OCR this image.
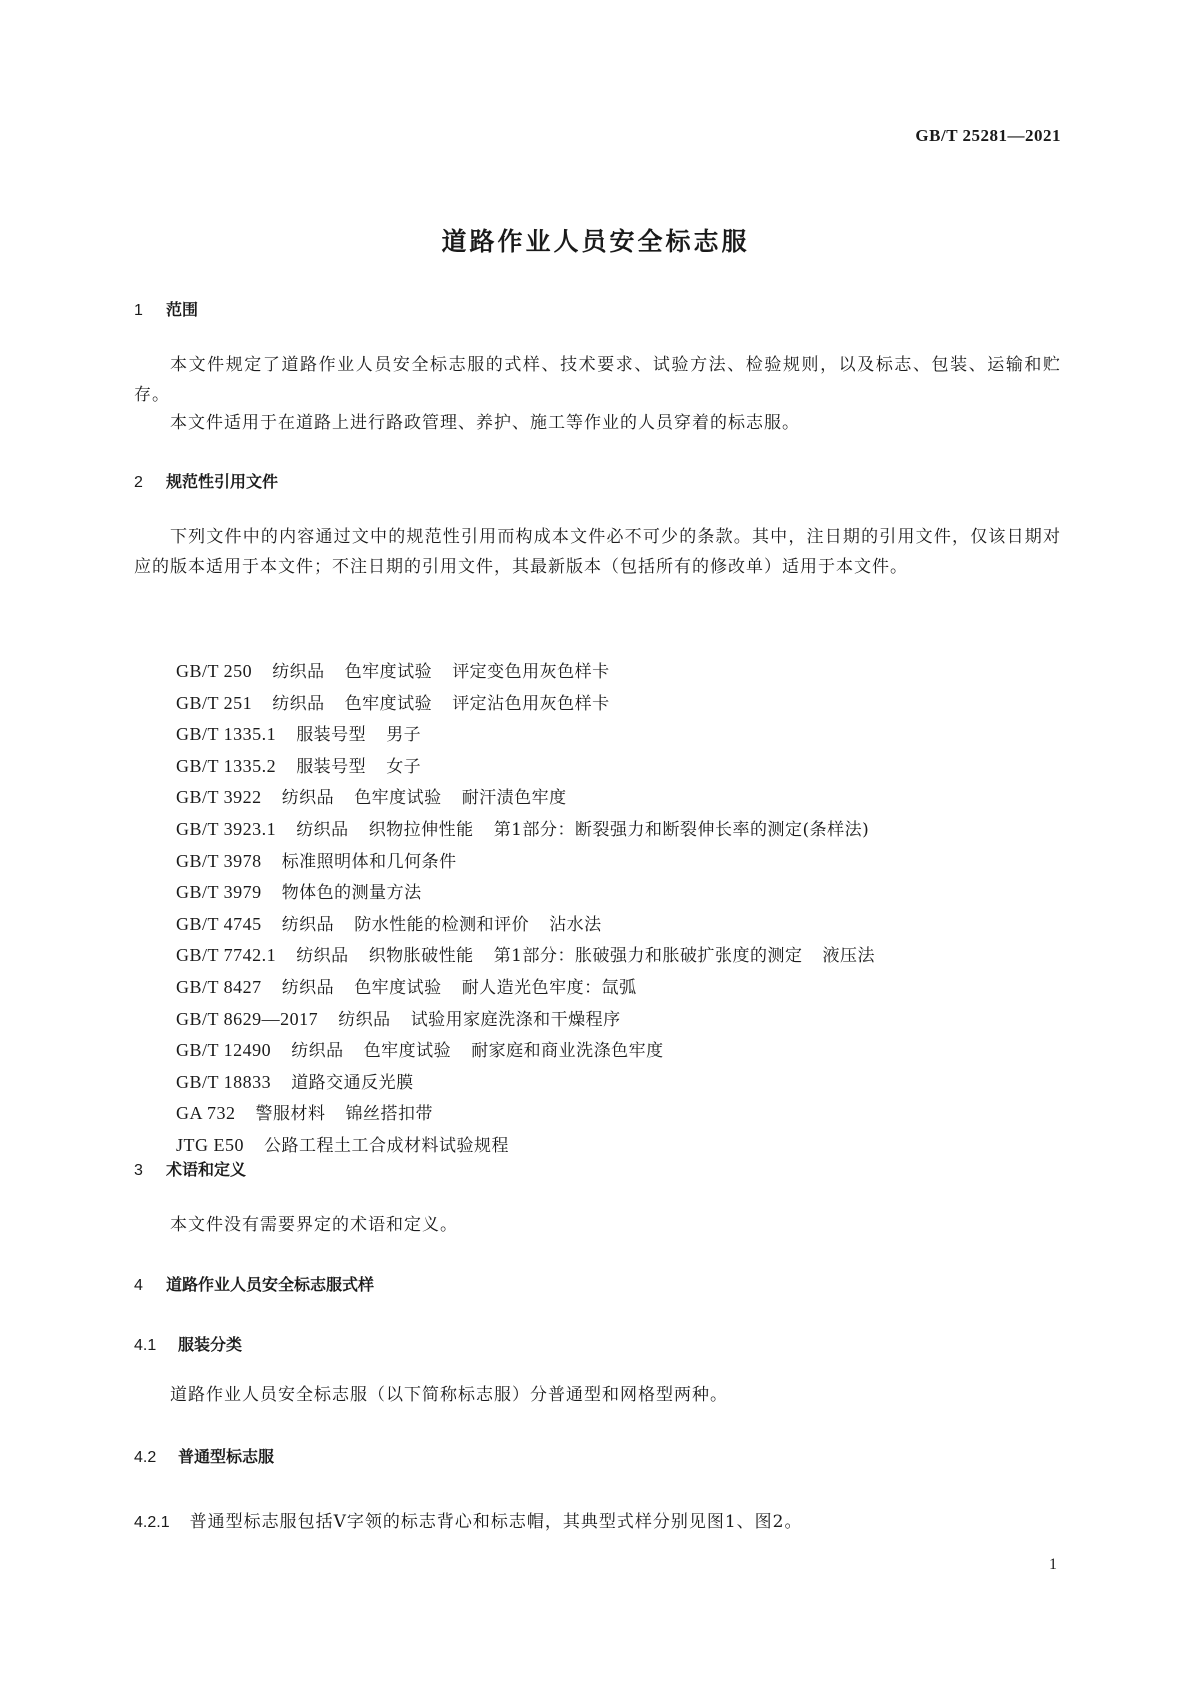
GB/T 25281—2021
道路作业人员安全标志服
1 范围
本文件规定了道路作业人员安全标志服的式样、技术要求、试验方法、检验规则，以及标志、包装、运输和贮存。
本文件适用于在道路上进行路政管理、养护、施工等作业的人员穿着的标志服。
2 规范性引用文件
下列文件中的内容通过文中的规范性引用而构成本文件必不可少的条款。其中，注日期的引用文件，仅该日期对应的版本适用于本文件；不注日期的引用文件，其最新版本（包括所有的修改单）适用于本文件。
GB/T 250 纺织品 色牢度试验 评定变色用灰色样卡
GB/T 251 纺织品 色牢度试验 评定沾色用灰色样卡
GB/T 1335.1 服装号型 男子
GB/T 1335.2 服装号型 女子
GB/T 3922 纺织品 色牢度试验 耐汗渍色牢度
GB/T 3923.1 纺织品 织物拉伸性能 第1部分：断裂强力和断裂伸长率的测定(条样法)
GB/T 3978 标准照明体和几何条件
GB/T 3979 物体色的测量方法
GB/T 4745 纺织品 防水性能的检测和评价 沾水法
GB/T 7742.1 纺织品 织物胀破性能 第1部分：胀破强力和胀破扩张度的测定 液压法
GB/T 8427 纺织品 色牢度试验 耐人造光色牢度：氙弧
GB/T 8629—2017 纺织品 试验用家庭洗涤和干燥程序
GB/T 12490 纺织品 色牢度试验 耐家庭和商业洗涤色牢度
GB/T 18833 道路交通反光膜
GA 732 警服材料 锦丝搭扣带
JTG E50 公路工程土工合成材料试验规程
3 术语和定义
本文件没有需要界定的术语和定义。
4 道路作业人员安全标志服式样
4.1 服装分类
道路作业人员安全标志服（以下简称标志服）分普通型和网格型两种。
4.2 普通型标志服
4.2.1 普通型标志服包括V字领的标志背心和标志帽，其典型式样分别见图1、图2。
1
